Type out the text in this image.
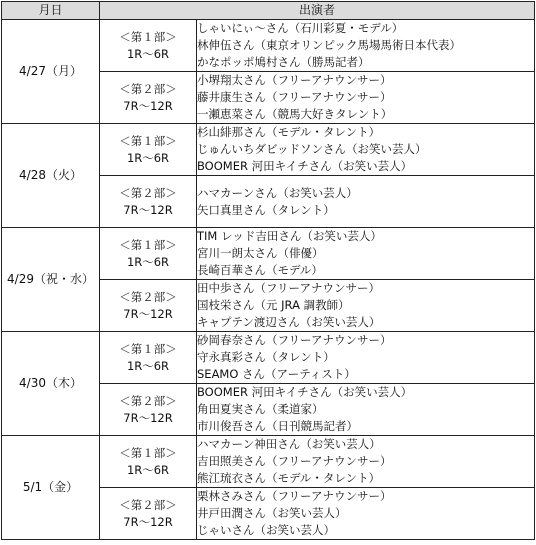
月日	出演者	
4/27（月）	＜第１部＞
1R～6R	しゃいにぃ～さん（石川彩夏・モデル）
林伸伍さん（東京オリンピック馬場馬術日本代表）
かなポッポ鳩村さん（勝馬記者）

	＜第２部＞
7R～12R	小堺翔太さん（フリーアナウンサー）
藤井康生さん（フリーアナウンサー）
一瀬恵菜さん（競馬大好きタレント）

4/28（火）	＜第１部＞
1R～6R	杉山緋那さん（モデル・タレント）
じゅんいちダビッドソンさん（お笑い芸人）
BOOMER 河田キイチさん（お笑い芸人）

	＜第２部＞
7R～12R	ハマカーンさん（お笑い芸人）
矢口真里さん（タレント）

4/29（祝・水）	＜第１部＞
1R～6R	TIM レッド吉田さん（お笑い芸人）
宮川一朗太さん（俳優）
長崎百華さん（モデル）

	＜第２部＞
7R～12R	田中歩さん（フリーアナウンサー）
国枝栄さん（元 JRA 調教師）
キャプテン渡辺さん（お笑い芸人）

4/30（木）	＜第１部＞
1R～6R	砂岡春奈さん（フリーアナウンサー）
守永真彩さん（タレント）
SEAMO さん（アーティスト）

	＜第２部＞
7R～12R	BOOMER 河田キイチさん（お笑い芸人）
角田夏実さん（柔道家）
市川俊吾さん（日刊競馬記者）

5/1（金）	＜第１部＞
1R～6R	ハマカーン神田さん（お笑い芸人）
吉田照美さん（フリーアナウンサー）
熊江琉衣さん（モデル・タレント）

	＜第２部＞
7R～12R	栗林さみさん（フリーアナウンサー）
井戸田潤さん（お笑い芸人）
じゃいさん（お笑い芸人）
